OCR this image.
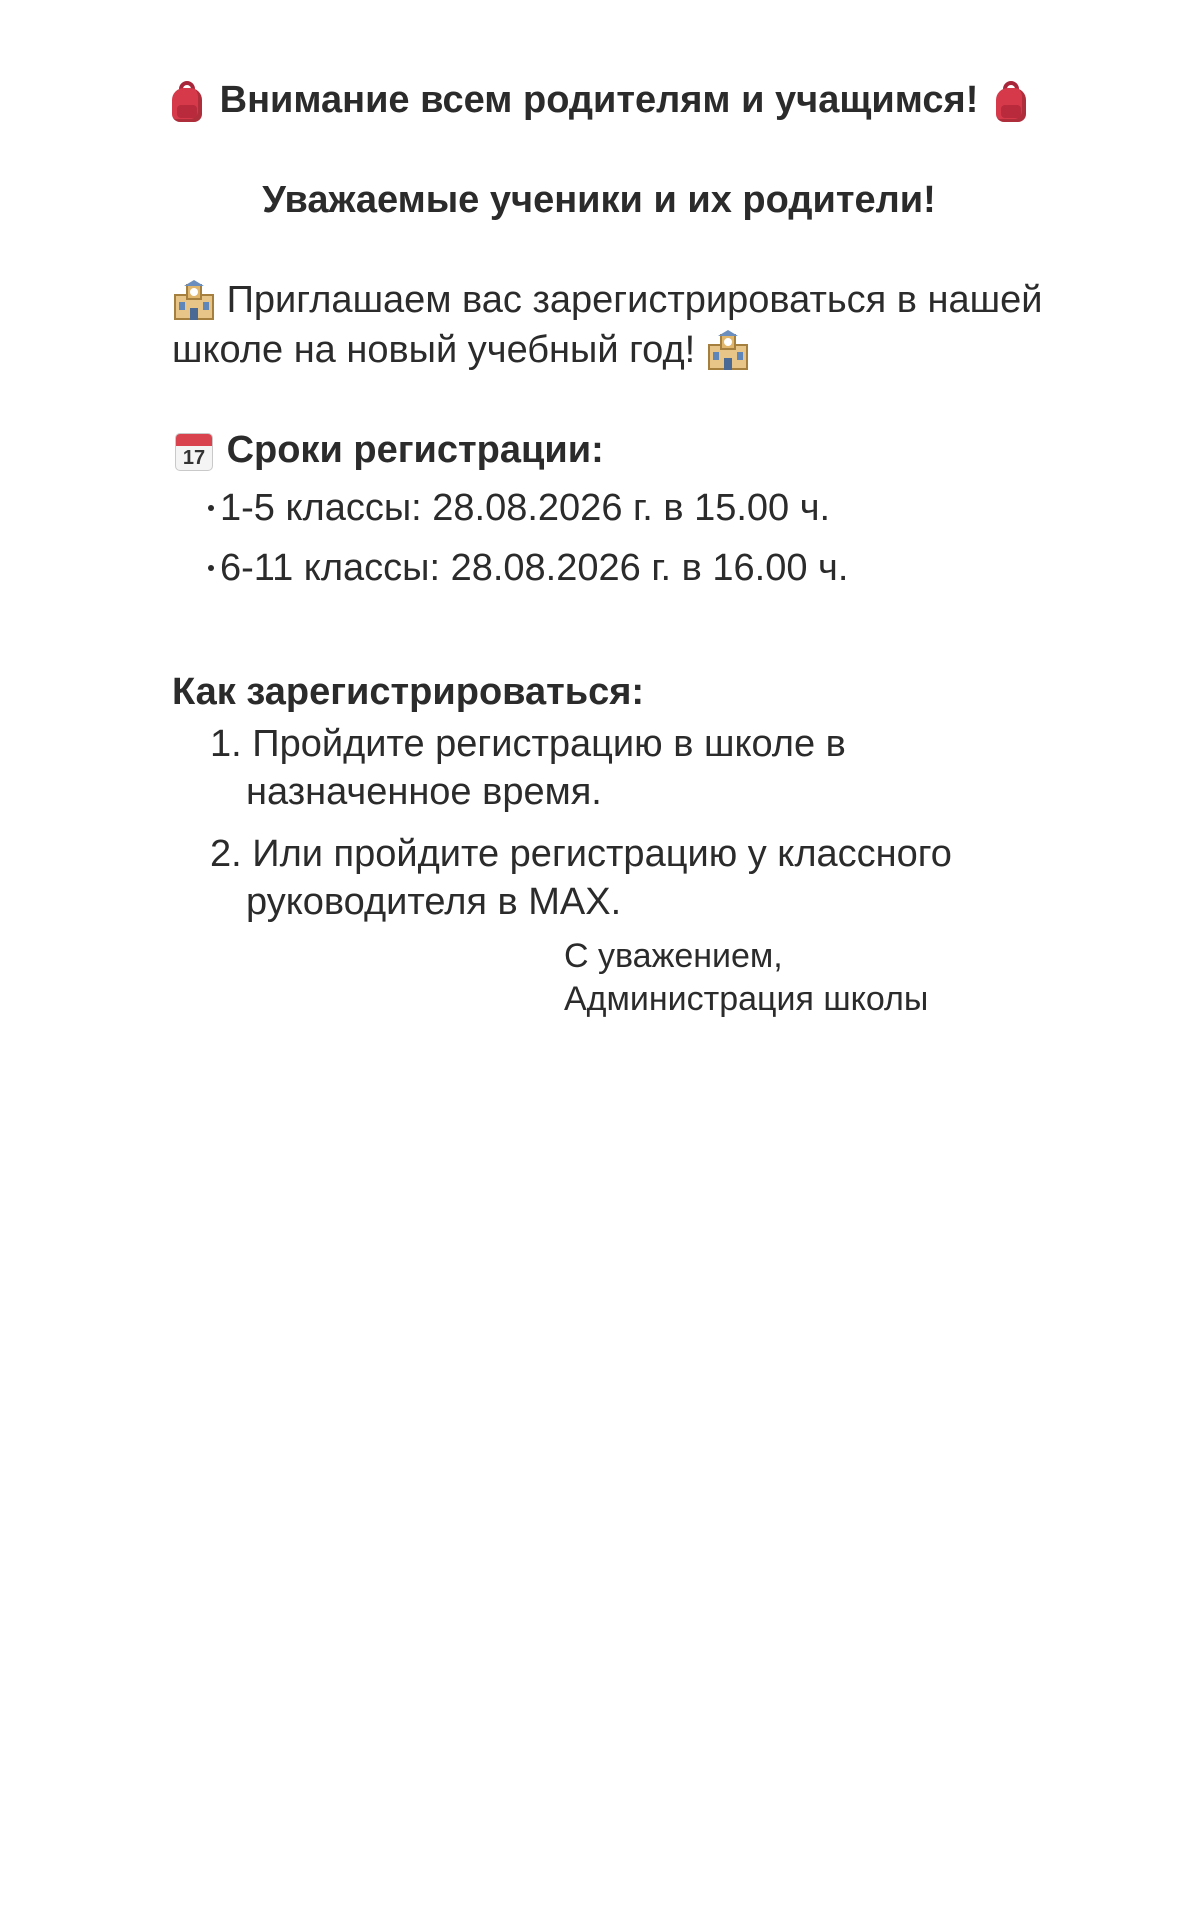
Внимание всем родителям и учащимся!
Уважаемые ученики и их родители!
Приглашаем вас зарегистрироваться в нашей
школе на новый учебный год!
17 Сроки регистрации:
1-5 классы: 28.08.2026 г. в 15.00 ч.
6-11 классы: 28.08.2026 г. в 16.00 ч.
Как зарегистрироваться:
1. Пройдите регистрацию в школе в
назначенное время.
2. Или пройдите регистрацию у классного
руководителя в MAX.
С уважением,
Администрация школы
